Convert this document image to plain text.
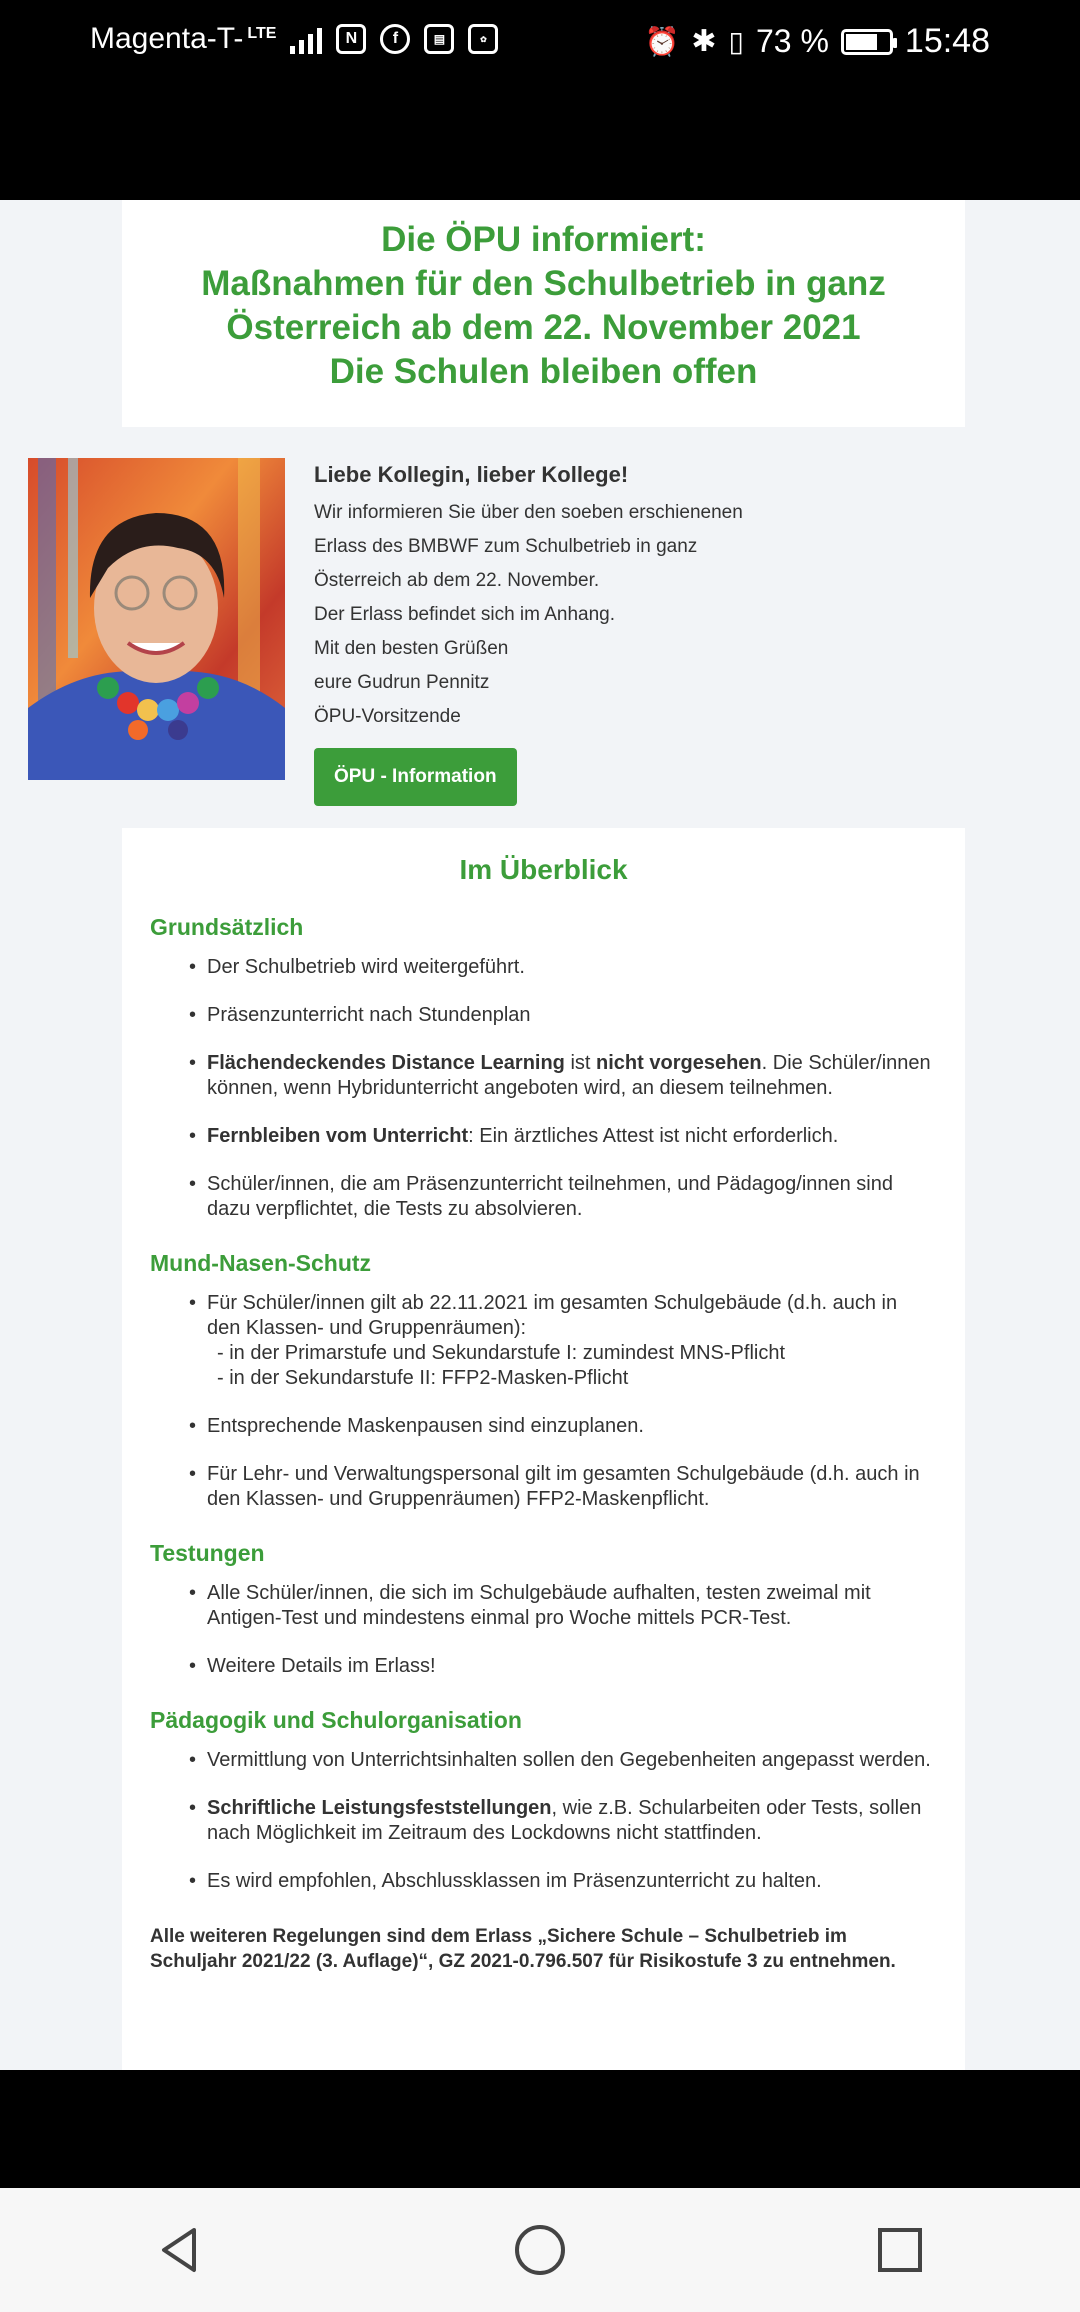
Magenta-T- LTE	N	f	▤	✿	⏰ ✱ ▯ 73 % 15:48
Die ÖPU informiert:
Maßnahmen für den Schulbetrieb in ganz
Österreich ab dem 22. November 2021
Die Schulen bleiben offen
Liebe Kollegin, lieber Kollege!
Wir informieren Sie über den soeben erschienenen
Erlass des BMBWF zum Schulbetrieb in ganz
Österreich ab dem 22. November.
Der Erlass befindet sich im Anhang.
Mit den besten Grüßen
eure Gudrun Pennitz
ÖPU-Vorsitzende
ÖPU - Information
Im Überblick
Grundsätzlich
• Der Schulbetrieb wird weitergeführt.
• Präsenzunterricht nach Stundenplan
• Flächendeckendes Distance Learning ist nicht vorgesehen. Die Schüler/innen können, wenn Hybridunterricht angeboten wird, an diesem teilnehmen.
• Fernbleiben vom Unterricht: Ein ärztliches Attest ist nicht erforderlich.
• Schüler/innen, die am Präsenzunterricht teilnehmen, und Pädagog/innen sind dazu verpflichtet, die Tests zu absolvieren.
Mund-Nasen-Schutz
• Für Schüler/innen gilt ab 22.11.2021 im gesamten Schulgebäude (d.h. auch in den Klassen- und Gruppenräumen):
- in der Primarstufe und Sekundarstufe I: zumindest MNS-Pflicht
- in der Sekundarstufe II: FFP2-Masken-Pflicht
• Entsprechende Maskenpausen sind einzuplanen.
• Für Lehr- und Verwaltungspersonal gilt im gesamten Schulgebäude (d.h. auch in den Klassen- und Gruppenräumen) FFP2-Maskenpflicht.
Testungen
• Alle Schüler/innen, die sich im Schulgebäude aufhalten, testen zweimal mit Antigen-Test und mindestens einmal pro Woche mittels PCR-Test.
• Weitere Details im Erlass!
Pädagogik und Schulorganisation
• Vermittlung von Unterrichtsinhalten sollen den Gegebenheiten angepasst werden.
• Schriftliche Leistungsfeststellungen, wie z.B. Schularbeiten oder Tests, sollen nach Möglichkeit im Zeitraum des Lockdowns nicht stattfinden.
• Es wird empfohlen, Abschlussklassen im Präsenzunterricht zu halten.
Alle weiteren Regelungen sind dem Erlass „Sichere Schule – Schulbetrieb im Schuljahr 2021/22 (3. Auflage)“, GZ 2021-0.796.507 für Risikostufe 3 zu entnehmen.
